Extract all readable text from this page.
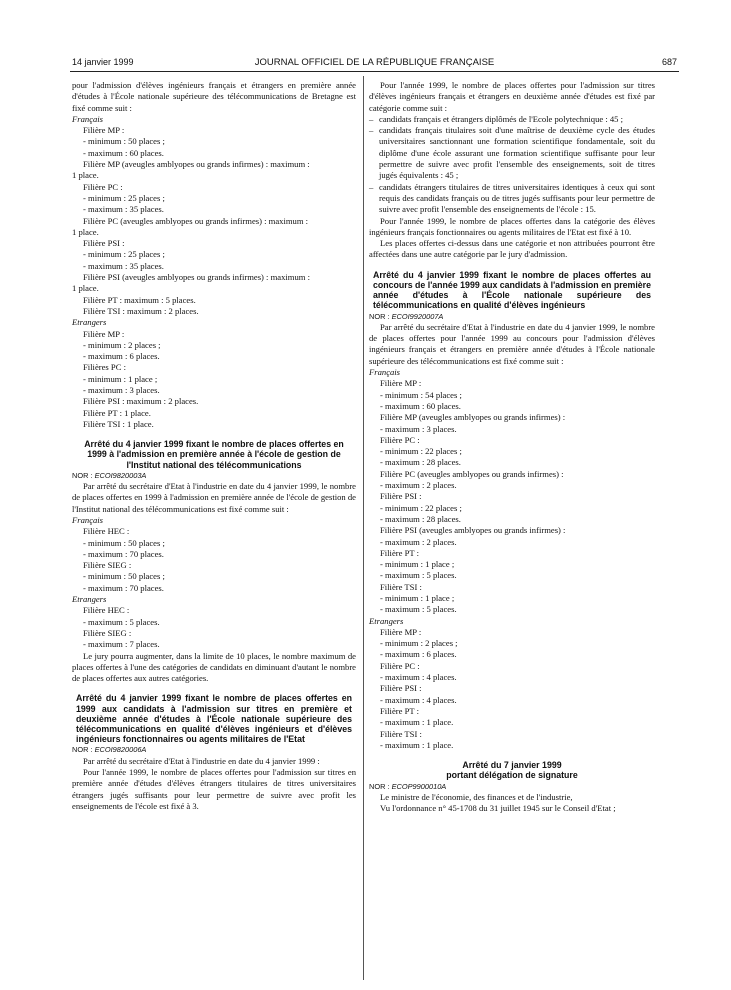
14 janvier 1999	JOURNAL OFFICIEL DE LA RÉPUBLIQUE FRANÇAISE	687

pour l'admission d'élèves ingénieurs français et étrangers en première année d'études à l'École nationale supérieure des télécommunications de Bretagne est fixé comme suit :

Français

Filière MP :

- minimum : 50 places ;

- maximum : 60 places.

Filière MP (aveugles amblyopes ou grands infirmes) : maximum :

1 place.

Filière PC :

- minimum : 25 places ;

- maximum : 35 places.

Filière PC (aveugles amblyopes ou grands infirmes) : maximum :

1 place.

Filière PSI :

- minimum : 25 places ;

- maximum : 35 places.

Filière PSI (aveugles amblyopes ou grands infirmes) : maximum :

1 place.

Filière PT : maximum : 5 places.

Filière TSI : maximum : 2 places.

Etrangers

Filière MP :

- minimum : 2 places ;

- maximum : 6 places.

Filières PC :

- minimum : 1 place ;

- maximum : 3 places.

Filière PSI : maximum : 2 places.

Filière PT : 1 place.

Filière TSI : 1 place.

Arrêté du 4 janvier 1999 fixant le nombre de places offertes en 1999 à l'admission en première année à l'école de gestion de l'Institut national des télécommunications

NOR : ECOI9820003A

Par arrêté du secrétaire d'Etat à l'industrie en date du 4 janvier 1999, le nombre de places offertes en 1999 à l'admission en première année de l'école de gestion de l'Institut national des télécommunications est fixé comme suit :

Français

Filière HEC :

- minimum : 50 places ;

- maximum : 70 places.

Filière SIEG :

- minimum : 50 places ;

- maximum : 70 places.

Etrangers

Filière HEC :

- maximum : 5 places.

Filière SIEG :

- maximum : 7 places.

Le jury pourra augmenter, dans la limite de 10 places, le nombre maximum de places offertes à l'une des catégories de candidats en diminuant d'autant le nombre de places offertes aux autres catégories.

Arrêté du 4 janvier 1999 fixant le nombre de places offertes en 1999 aux candidats à l'admission sur titres en première et deuxième année d'études à l'École nationale supérieure des télécommunications en qualité d'élèves ingénieurs et d'élèves ingénieurs fonctionnaires ou agents militaires de l'Etat

NOR : ECOI9820006A

Par arrêté du secrétaire d'Etat à l'industrie en date du 4 janvier 1999 :

Pour l'année 1999, le nombre de places offertes pour l'admission sur titres en première année d'études d'élèves étrangers titulaires de titres universitaires étrangers jugés suffisants pour leur permettre de suivre avec profit les enseignements de l'école est fixé à 3.

Pour l'année 1999, le nombre de places offertes pour l'admission sur titres d'élèves ingénieurs français et étrangers en deuxième année d'études est fixé par catégorie comme suit :

– candidats français et étrangers diplômés de l'Ecole polytechnique : 45 ;
– candidats français titulaires soit d'une maîtrise de deuxième cycle des études universitaires sanctionnant une formation scientifique fondamentale, soit du diplôme d'une école assurant une formation scientifique suffisante pour leur permettre de suivre avec profit l'ensemble des enseignements, soit de titres jugés équivalents : 45 ;
– candidats étrangers titulaires de titres universitaires identiques à ceux qui sont requis des candidats français ou de titres jugés suffisants pour leur permettre de suivre avec profit l'ensemble des enseignements de l'école : 15.

Pour l'année 1999, le nombre de places offertes dans la catégorie des élèves ingénieurs français fonctionnaires ou agents militaires de l'Etat est fixé à 10.

Les places offertes ci-dessus dans une catégorie et non attribuées pourront être affectées dans une autre catégorie par le jury d'admission.

Arrêté du 4 janvier 1999 fixant le nombre de places offertes au concours de l'année 1999 aux candidats à l'admission en première année d'études à l'École nationale supérieure des télécommunications en qualité d'élèves ingénieurs

NOR : ECOI9920007A

Par arrêté du secrétaire d'Etat à l'industrie en date du 4 janvier 1999, le nombre de places offertes pour l'année 1999 au concours pour l'admission d'élèves ingénieurs français et étrangers en première année d'études à l'École nationale supérieure des télécommunications est fixé comme suit :

Français

Filière MP :

- minimum : 54 places ;

- maximum : 60 places.

Filière MP (aveugles amblyopes ou grands infirmes) :

- maximum : 3 places.

Filière PC :

- minimum : 22 places ;

- maximum : 28 places.

Filière PC (aveugles amblyopes ou grands infirmes) :

- maximum : 2 places.

Filière PSI :

- minimum : 22 places ;

- maximum : 28 places.

Filière PSI (aveugles amblyopes ou grands infirmes) :

- maximum : 2 places.

Filière PT :

- minimum : 1 place ;

- maximum : 5 places.

Filière TSI :

- minimum : 1 place ;

- maximum : 5 places.

Etrangers

Filière MP :

- minimum : 2 places ;

- maximum : 6 places.

Filière PC :

- maximum : 4 places.

Filière PSI :

- maximum : 4 places.

Filière PT :

- maximum : 1 place.

Filière TSI :

- maximum : 1 place.

Arrêté du 7 janvier 1999

portant délégation de signature

NOR : ECOP9900010A

Le ministre de l'économie, des finances et de l'industrie,

Vu l'ordonnance n° 45-1708 du 31 juillet 1945 sur le Conseil d'Etat ;
